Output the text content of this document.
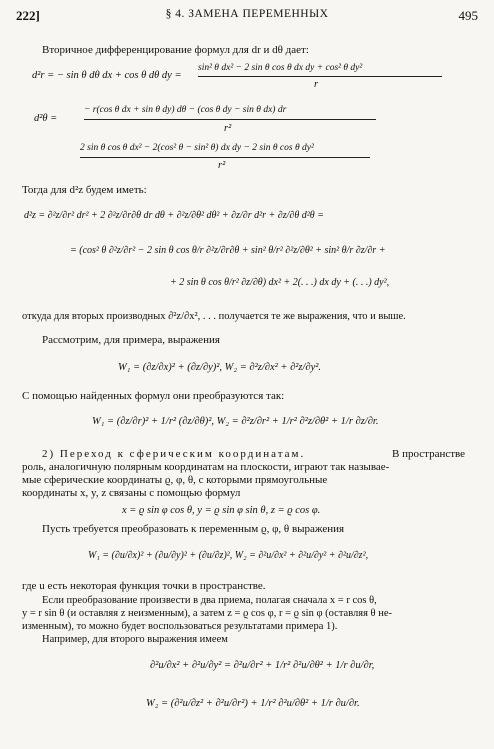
222]	§ 4. ЗАМЕНА ПЕРЕМЕННЫХ	495
Вторичное дифференцирование формул для dr и dθ дает:
d²r = − sin θ dθ dx + cos θ dθ dy =
sin² θ dx² − 2 sin θ cos θ dx dy + cos² θ dy²
r
d²θ =
− r(cos θ dx + sin θ dy) dθ − (cos θ dy − sin θ dx) dr
r²
2 sin θ cos θ dx² − 2(cos² θ − sin² θ) dx dy − 2 sin θ cos θ dy²
r²
Тогда для d²z будем иметь:
d²z = ∂²z/∂r² dr² + 2 ∂²z/∂r∂θ dr dθ + ∂²z/∂θ² dθ² + ∂z/∂r d²r + ∂z/∂θ d²θ =
= (cos² θ ∂²z/∂r² − 2 sin θ cos θ/r ∂²z/∂r∂θ + sin² θ/r² ∂²z/∂θ² + sin² θ/r ∂z/∂r +
+ 2 sin θ cos θ/r² ∂z/∂θ) dx² + 2(. . .) dx dy + (. . .) dy²,
откуда для вторых производных ∂²z/∂x², . . . получается те же выражения, что и выше.
Рассмотрим, для примера, выражения
W₁ = (∂z/∂x)² + (∂z/∂y)², W₂ = ∂²z/∂x² + ∂²z/∂y².
С помощью найденных формул они преобразуются так:
W₁ = (∂z/∂r)² + 1/r² (∂z/∂θ)², W₂ = ∂²z/∂r² + 1/r² ∂²z/∂θ² + 1/r ∂z/∂r.
2) Переход к сферическим координатам.	В пространстве
роль, аналогичную полярным координатам на плоскости, играют так называе-
мые сферические координаты ϱ, φ, θ, с которыми прямоугольные
координаты x, y, z связаны с помощью формул
x = ϱ sin φ cos θ, y = ϱ sin φ sin θ, z = ϱ cos φ.
Пусть требуется преобразовать к переменным ϱ, φ, θ выражения
W₁ = (∂u/∂x)² + (∂u/∂y)² + (∂u/∂z)², W₂ = ∂²u/∂x² + ∂²u/∂y² + ∂²u/∂z²,
где u есть некоторая функция точки в пространстве.
Если преобразование произвести в два приема, полагая сначала x = r cos θ,
y = r sin θ (и оставляя z неизменным), а затем z = ϱ cos φ, r = ϱ sin φ (оставляя θ не-
изменным), то можно будет воспользоваться результатами примера 1).
Например, для второго выражения имеем
∂²u/∂x² + ∂²u/∂y² = ∂²u/∂r² + 1/r² ∂²u/∂θ² + 1/r ∂u/∂r,
W₂ = (∂²u/∂z² + ∂²u/∂r²) + 1/r² ∂²u/∂θ² + 1/r ∂u/∂r.
